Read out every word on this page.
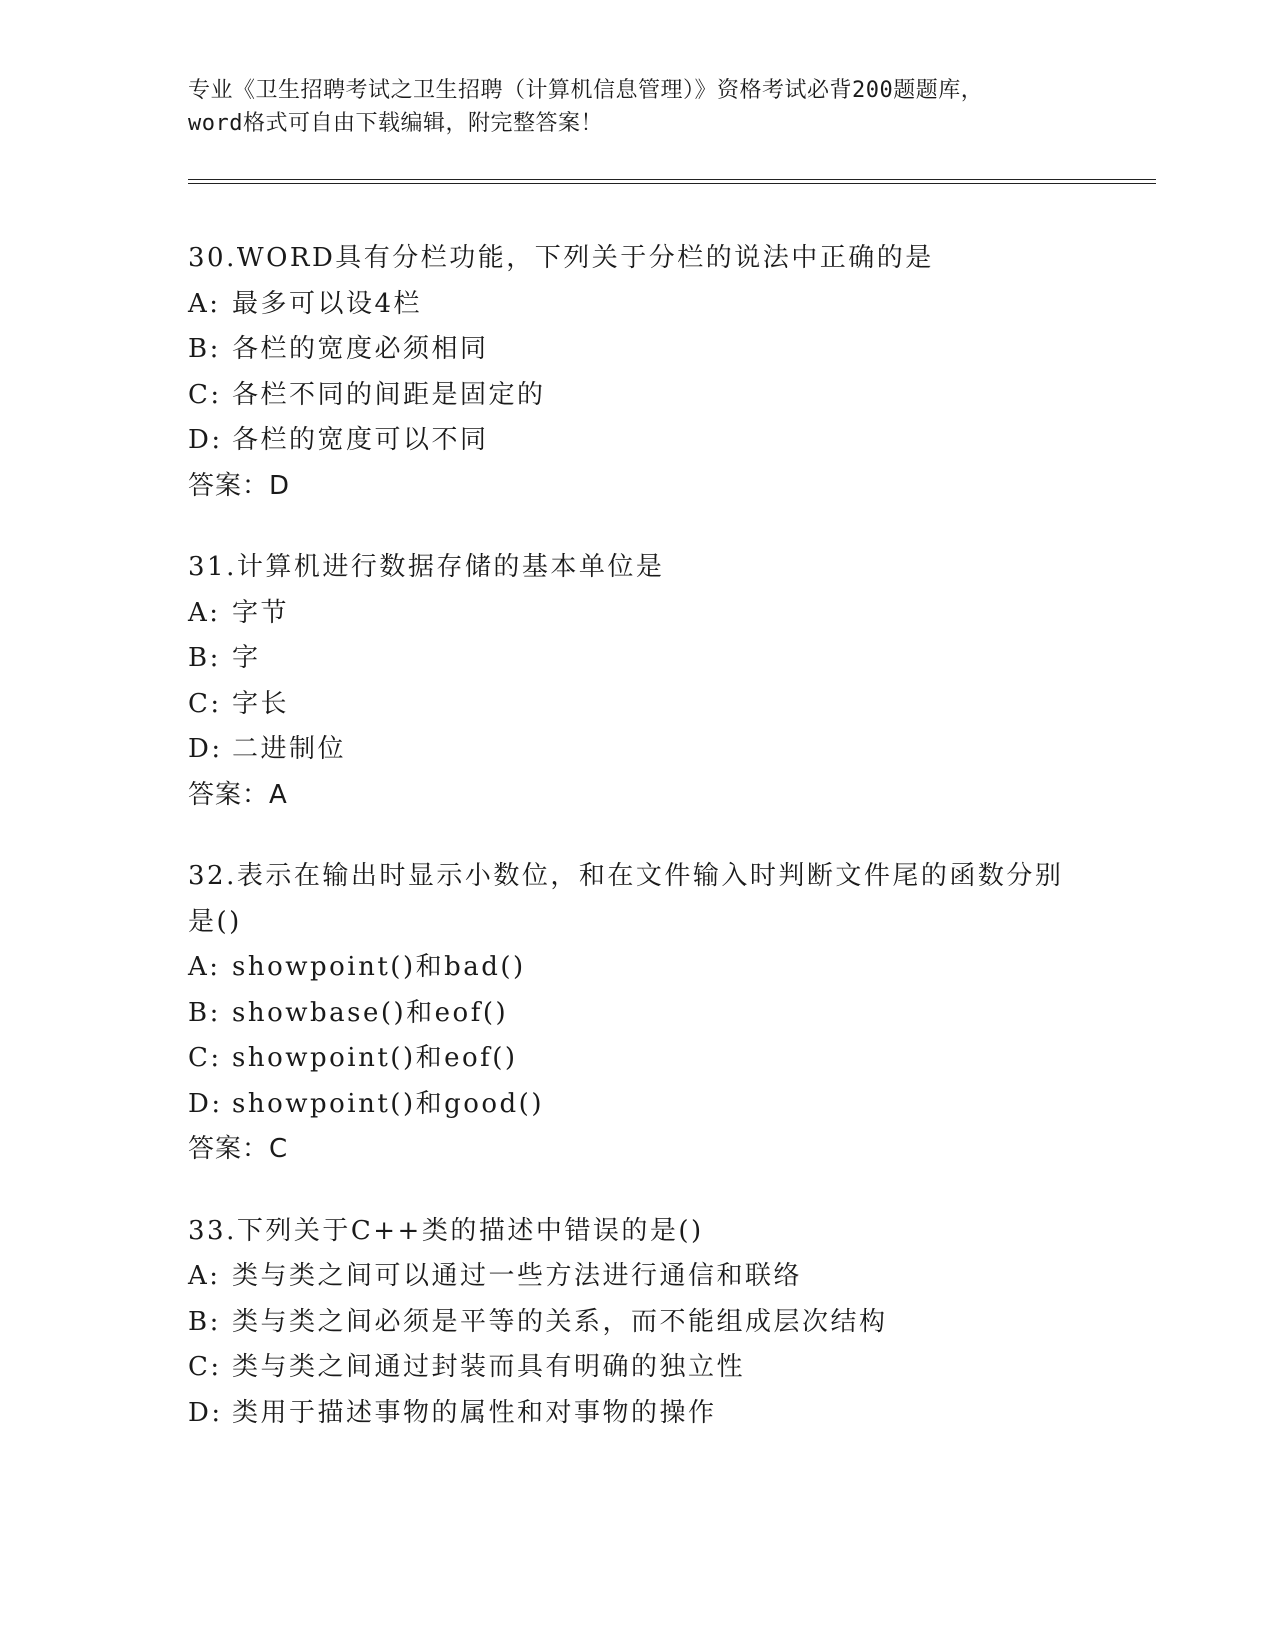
专业《卫生招聘考试之卫生招聘（计算机信息管理）》资格考试必背200题题库，
word格式可自由下载编辑，附完整答案！
30.WORD具有分栏功能，下列关于分栏的说法中正确的是
A: 最多可以设4栏
B: 各栏的宽度必须相同
C: 各栏不同的间距是固定的
D: 各栏的宽度可以不同
答案：D
31.计算机进行数据存储的基本单位是
A: 字节
B: 字
C: 字长
D: 二进制位
答案：A
32.表示在输出时显示小数位，和在文件输入时判断文件尾的函数分别是()
A: showpoint()和bad()
B: showbase()和eof()
C: showpoint()和eof()
D: showpoint()和good()
答案：C
33.下列关于C++类的描述中错误的是()
A: 类与类之间可以通过一些方法进行通信和联络
B: 类与类之间必须是平等的关系，而不能组成层次结构
C: 类与类之间通过封装而具有明确的独立性
D: 类用于描述事物的属性和对事物的操作
